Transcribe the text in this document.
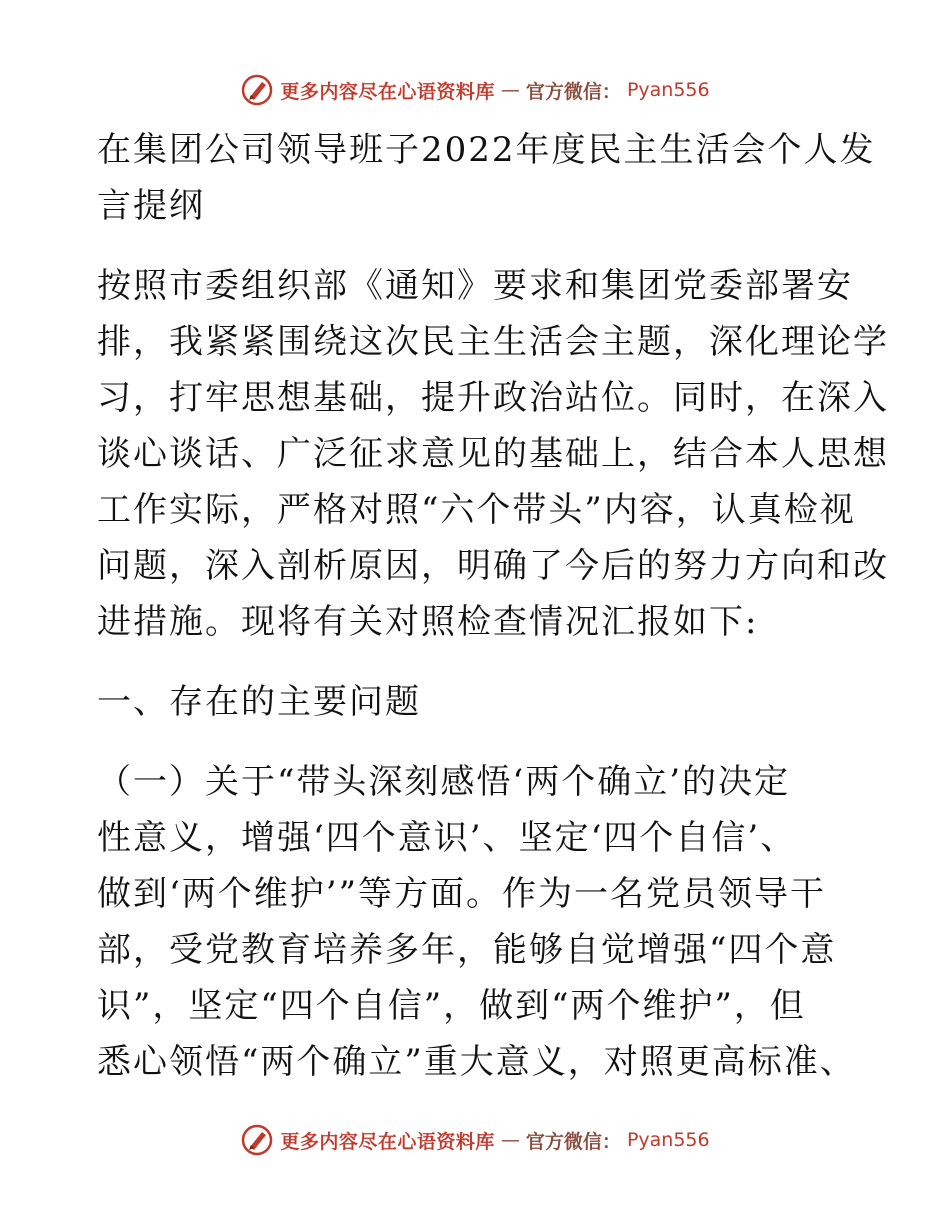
更多内容尽在心语资料库 — 官方微信： Pyan556
在集团公司领导班子2022年度民主生活会个人发
言提纲
按照市委组织部《通知》要求和集团党委部署安
排，我紧紧围绕这次民主生活会主题，深化理论学
习，打牢思想基础，提升政治站位。同时，在深入
谈心谈话、广泛征求意见的基础上，结合本人思想
工作实际，严格对照“六个带头”内容，认真检视
问题，深入剖析原因，明确了今后的努力方向和改
进措施。现将有关对照检查情况汇报如下:
一、存在的主要问题
（一）关于“带头深刻感悟‘两个确立’的决定
性意义，增强‘四个意识’、坚定‘四个自信’、
做到‘两个维护’”等方面。作为一名党员领导干
部，受党教育培养多年，能够自觉增强“四个意
识”，坚定“四个自信”，做到“两个维护”，但
悉心领悟“两个确立”重大意义，对照更高标准、
更多内容尽在心语资料库 — 官方微信： Pyan556
